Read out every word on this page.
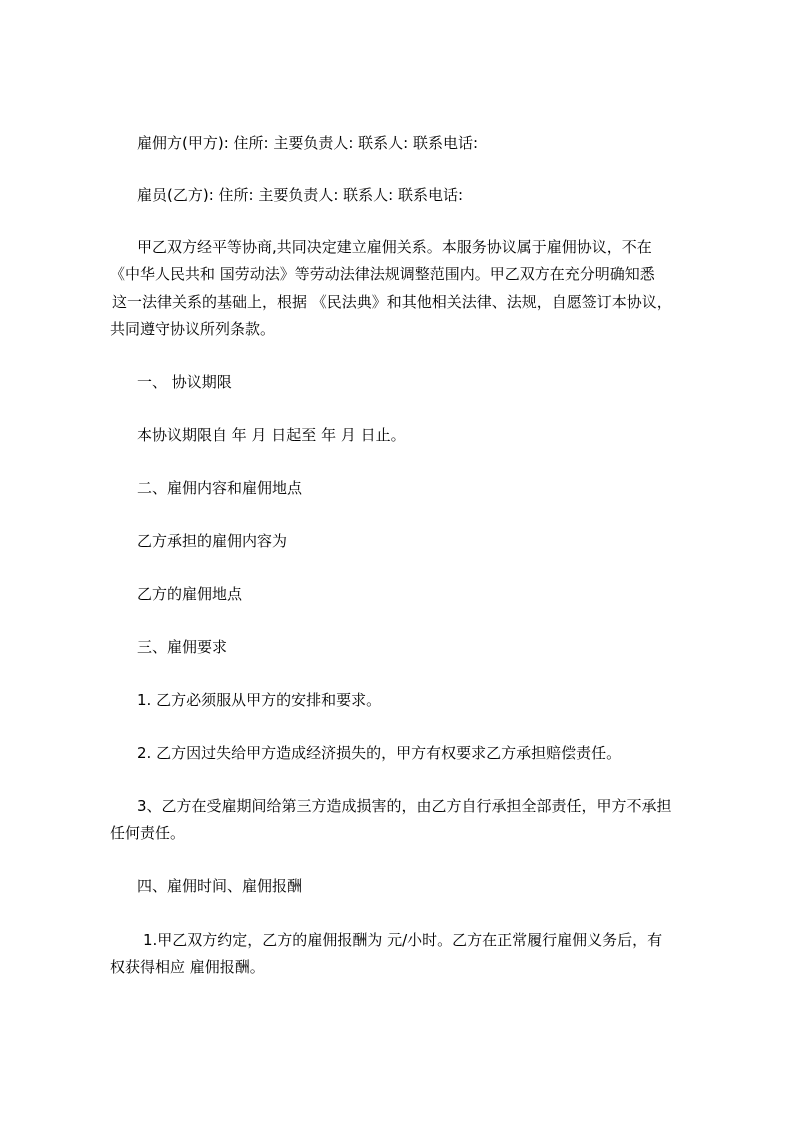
雇佣方(甲方): 住所: 主要负责人: 联系人: 联系电话:
雇员(乙方): 住所: 主要负责人: 联系人: 联系电话:
甲乙双方经平等协商,共同决定建立雇佣关系。本服务协议属于雇佣协议，不在
《中华人民共和 国劳动法》等劳动法律法规调整范围内。甲乙双方在充分明确知悉
这一法律关系的基础上，根据 《民法典》和其他相关法律、法规，自愿签订本协议，
共同遵守协议所列条款。
一、 协议期限
本协议期限自 年 月 日起至 年 月 日止。
二、雇佣内容和雇佣地点
乙方承担的雇佣内容为
乙方的雇佣地点
三、雇佣要求
1. 乙方必须服从甲方的安排和要求。
2. 乙方因过失给甲方造成经济损失的，甲方有权要求乙方承担赔偿责任。
3、乙方在受雇期间给第三方造成损害的，由乙方自行承担全部责任，甲方不承担
任何责任。
四、雇佣时间、雇佣报酬
1.甲乙双方约定，乙方的雇佣报酬为 元/小时。乙方在正常履行雇佣义务后，有
权获得相应 雇佣报酬。
